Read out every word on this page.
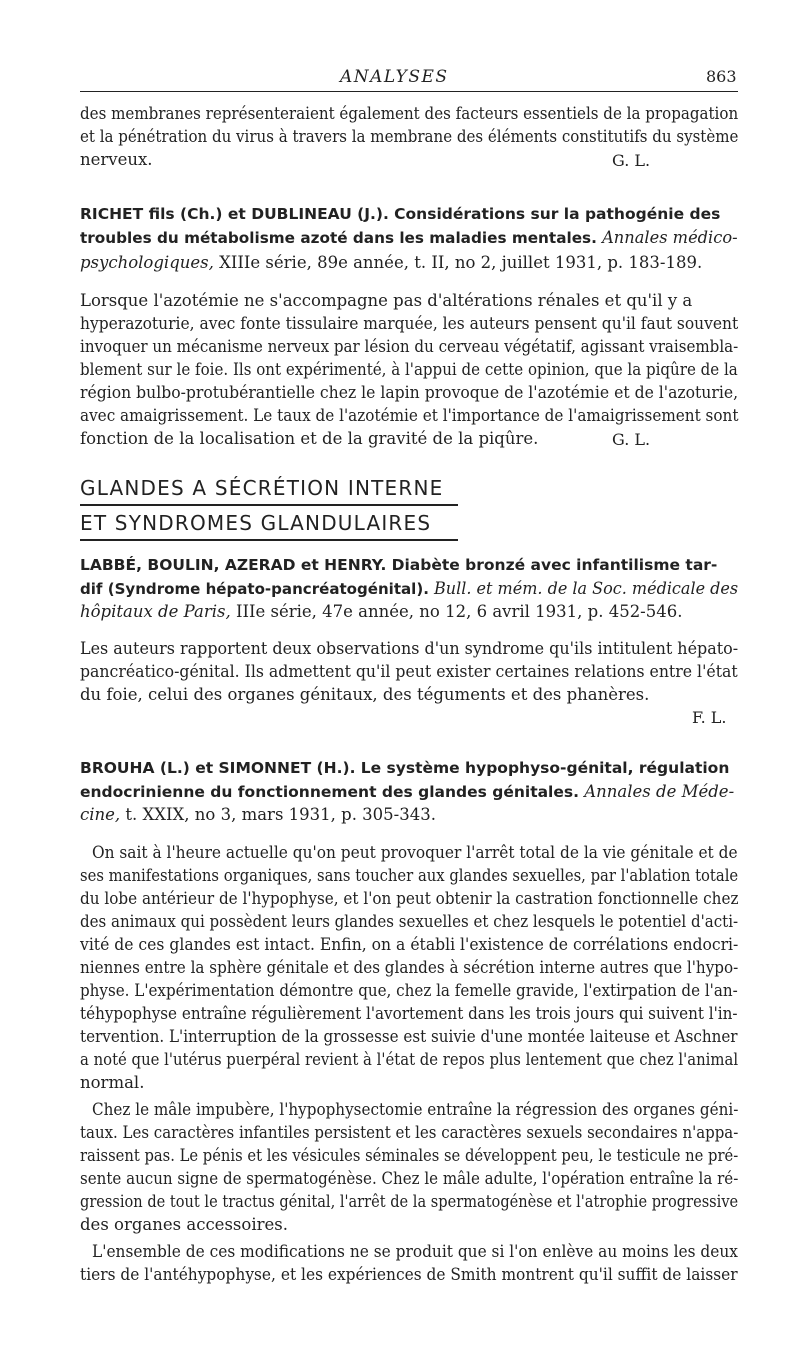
ANALYSES	863
des membranes représenteraient également des facteurs essentiels de la propagation
et la pénétration du virus à travers la membrane des éléments constitutifs du système
nerveux.	G. L.
RICHET fils (Ch.) et DUBLINEAU (J.). Considérations sur la pathogénie des
troubles du métabolisme azoté dans les maladies mentales. Annales médico-
psychologiques, XIIIe série, 89e année, t. II, no 2, juillet 1931, p. 183-189.
Lorsque l'azotémie ne s'accompagne pas d'altérations rénales et qu'il y a
hyperazoturie, avec fonte tissulaire marquée, les auteurs pensent qu'il faut souvent
invoquer un mécanisme nerveux par lésion du cerveau végétatif, agissant vraisembla-
blement sur le foie. Ils ont expérimenté, à l'appui de cette opinion, que la piqûre de la
région bulbo-protubérantielle chez le lapin provoque de l'azotémie et de l'azoturie,
avec amaigrissement. Le taux de l'azotémie et l'importance de l'amaigrissement sont
fonction de la localisation et de la gravité de la piqûre.	G. L.
GLANDES A SÉCRÉTION INTERNE
ET SYNDROMES GLANDULAIRES
LABBÉ, BOULIN, AZERAD et HENRY. Diabète bronzé avec infantilisme tar-
dif (Syndrome hépato-pancréatogénital). Bull. et mém. de la Soc. médicale des
hôpitaux de Paris, IIIe série, 47e année, no 12, 6 avril 1931, p. 452-546.
Les auteurs rapportent deux observations d'un syndrome qu'ils intitulent hépato-
pancréatico-génital. Ils admettent qu'il peut exister certaines relations entre l'état
du foie, celui des organes génitaux, des téguments et des phanères.
F. L.
BROUHA (L.) et SIMONNET (H.). Le système hypophyso-génital, régulation
endocrinienne du fonctionnement des glandes génitales. Annales de Méde-
cine, t. XXIX, no 3, mars 1931, p. 305-343.
On sait à l'heure actuelle qu'on peut provoquer l'arrêt total de la vie génitale et de
ses manifestations organiques, sans toucher aux glandes sexuelles, par l'ablation totale
du lobe antérieur de l'hypophyse, et l'on peut obtenir la castration fonctionnelle chez
des animaux qui possèdent leurs glandes sexuelles et chez lesquels le potentiel d'acti-
vité de ces glandes est intact. Enfin, on a établi l'existence de corrélations endocri-
niennes entre la sphère génitale et des glandes à sécrétion interne autres que l'hypo-
physe. L'expérimentation démontre que, chez la femelle gravide, l'extirpation de l'an-
téhypophyse entraîne régulièrement l'avortement dans les trois jours qui suivent l'in-
tervention. L'interruption de la grossesse est suivie d'une montée laiteuse et Aschner
a noté que l'utérus puerpéral revient à l'état de repos plus lentement que chez l'animal
normal.
Chez le mâle impubère, l'hypophysectomie entraîne la régression des organes géni-
taux. Les caractères infantiles persistent et les caractères sexuels secondaires n'appa-
raissent pas. Le pénis et les vésicules séminales se développent peu, le testicule ne pré-
sente aucun signe de spermatogénèse. Chez le mâle adulte, l'opération entraîne la ré-
gression de tout le tractus génital, l'arrêt de la spermatogénèse et l'atrophie progressive
des organes accessoires.
L'ensemble de ces modifications ne se produit que si l'on enlève au moins les deux
tiers de l'antéhypophyse, et les expériences de Smith montrent qu'il suffit de laisser
